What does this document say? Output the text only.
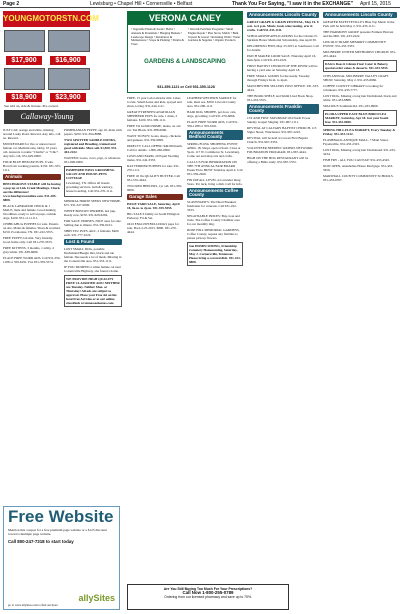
Page 2	Lewisburg • Chapel Hill • Cornersville • Belfast	Thank You For Saying, "I saw it in the EXCHANGE" April 15, 2015
YOUNGMOTORSTN.COM
$17,900	$16,900
$18,900	$23,900
See add on, ride & license. Pre-owned.
Callaway-Young
VERONA CANEY
• Vegetable Plants & Seeds • Herbs • Annuals & Perennials • Hanging Baskets • Landscape Design • Installation & Maintenance • Scape & Planting • Shrubs & Trees
• Weed & Fertilizer Programs • Small Engine Repair • Pine Straw, Mulch • Bulk Topsoil & Gravel • Retaining Walls • Water Gardens & Supplies • Organic Products
GARDENS & LANDSCAPING
931-359-1121 or Cell 931-359-1128

JUST CAT, orange and white, missing around Lasky Road. Reward. Any info, call us. Reward.

$300 REWARD for live or unrecovered female cat. Medium size, tabby, 10 years old. Answers to name "Charlie" or "Chic". Any info call, 931-629-0000.

FOUR BLUE HEELER PUPS. 6 wks. Born from working parents. $150. 931-355-1111.

Animals

BEECHGROVE STABLE will be having a pop up at Lick Creek Meetings. Check out the difference! www.beechgrovestables.com. 931-285-8888.

BLACK LABRADOR CHICK & 1 MALE, male and female. Good hunting bloodlines, ready to sell at pups, outside dogs, $100. 931-111-1111.

CHIHUAHUA PUPPIES for sale. Parents on site. Males & females. Shots & wormed. $150. Pocahontas, TN. 931-222-5555.

FREE PUPPY, lab mix. Very friendly. Good home only. Call 931-270-3333.

FREE KITTENS, 3 months, 1 tabby, 2 grey/white. 931-638-6666.

PLACE FREE WORD ADS, Call 931-359-1188 or 359-6191. Fax 931-359-5574.

POMERANIAN PUPPY, age 10, male with papers. $250. 931-394-8888.

TWO SPOTTED SADDLE DONKS, registered and Breeding, trained and good with kids. Must sell. $1,500. 931-444-2222.

WANTED: Goats, cows, pigs, or whatever. 931-999-0000.

PAMPERED PAWS GROOMING SALON AND HOUSE-PETS COTTAGE

Lewisburg, TN. Offers all breeds grooming services, bath & sanitary, house boarding. Call 931-270-1111.

MINIMAL HORSE SEEKS NEW HOME. $75. 931-527-0000.

WHITE BOSTON TERRIER, last pup, Ready now, $150. 931-629-6262.

FOR SALE: HORSES, NICE ones for sale. Selling due to illness. 931-359-0101.

SHIH TZU PUPS, AKC, 2 females, $400 each. 931-777-2222.

Lost & Found

LOST SMALL DOG, possible Dachshund/Beagle mix, black and tan female. She needs a lot of meds. Missing in the Cornersville area. 931-333-1111.

IF YOU DUMPED a white female cat near Cornersville Highway, she found a home.

WE PROVIDE HIGH QUALITY FREE CLASSIFIED ADS! NEITHER are Tuesday. Neither Mon. or Thursday! All ads are subject to approval. Place your Free Ad on the local Free Ad Line or at our online classifieds at tennesseehomes.com.

FREE, 15 year Lab-Labrador mix. Likes to ride. Small house and kids, spayed and shots, loving. 931-244-1111.

GREAT PYRENEES/ANATOLIAN SHEPHERD PUPS for sale, 1 male, 2 females. $100. 931-309-1111.

FREE TO GOOD HOME, males, on old cat. Tan Black. 931-388-0000.

WANT TO BUY: Goats, sheep, chickens and guineas. 931-359-9999.

DIRECTV CALL OFFER: $49.99/month. Call for details. 1-800-266-0000.

LOWLAND FARM, 20 Equal Yearling males. 931-242-3333.

RAT TERRIER PUPPIES for sale. 931-270-1111.

FREE 45 lbs QUALITY BUTTER. Call 931-555-4444.

TWO RED HEELERS, 1yr old, 931-359-0000.

Garage Sales

HUGE YARD SALE, Saturday, April 18, 8a.m. to 2p.m. 931-359-5555.

BIG SALE 6 family on South Ellington Parkway. Fri & Sat.

OLD ENGLISH BULLDOGS pups for sale. Born 2-25-2015. $800. 931-270-4444.

LEATHER WESTERN SADDLE for sale, must see. $300. Lincoln County area. 931-290-1111.

HAIR DOG SHOPPE, pet door, cats, dogs, grooming. Call 931-270-6666.

PLACE FREE WORD ADS, Call 931-359-1188 or 359-6191.

Announcements Bedford County

SPRING FLING SHOPPING EVENT APRIL 18. Shops open at 9a.m. Close at 5p.m. 117 W. Commerce St. Lewisburg. Come out and shop arts and crafts.

CALL US FOR INFORMATION ON THE 7TH ANNUAL FAIR BOARD Easter EGG HUNT Saturday April 4. Call 931-359-2929.

FIN DIP ALL LEVEL at Lavender Drug Store. Pot luck, bring a dish. Call for info.

Announcements Coffee County

SCAVENGER'S: The Heart Breakers fundraiser for veterans. Call 931-222-3333.

NEGOTIABLE PRICES: Buy, loan and trade. The Coffee County Chamber area for our monthly mtg.

ROSE HILL MEMORIAL GARDENS, Coffee County, request any families to please pick up flowers.

Sue HOMECOMING, Friendship Cemetery Homecoming, Saturday, May 2. Cornersville, Tennessee. Please bring a covered dish. 931-222-8888.
Announcements Lincoln County

GREAT GRAPE & GRAIN FESTIVAL, May 16. 8 a.m. to 6 p.m. Music, food, wine tasting, arts & crafts. Call 931-433-1111.

SCHOLARSHIP APPLICATIONS for the Charles N. Sprinkle Honor Memorial Scholarship, due April 30.

DELORENZO FISH, May 23 2015 at Southwest. Call for details.

PATCH MAKER LOOM SALE, Thursday April 16, 9am-5pm. Call 931-433-2222.

FIRST BAPTIST CHURCH OF THE RIVER will be having a yard sale on Saturday April 18.

FREE SMALL GOODS for the needy. Tuesday through Fridays 9a.m. to 4p.m.

MANCHESTER SELLERS POST OFFICE. 931-333-4444.

THE BOOK SHELF, and Smith Used Book Shop. 931-433-5555.

Announcements Franklin County

1ST AND FRST SATURDAY Old North Power Sunday Gospel Singing. 931-967-1111.

REVIVAL AT CALVARY BAPTIST CHURCH, 113 Sigler Street, Winchester. 931-967-2222.

REVIVAL will be held at Cowan First Baptist Church. 931-967-3333.

VOLUNTEER NEEDED: WATERS NETWORK FOUNDATION PROGRAM. 931-967-4444.

HIGH ON THE HOG RESTAURANT will be offering a Bible study. 931-967-5555.

Announcements Lincoln County

GREATER FAYETTEVILLE's Blue Top Music in the Park will be held May 2. 931-433-1111.

THE HARMONY GROUP presents Farmers Harvest and the Mill. 931-433-2222.

LINCOLN TRADE MEMORY COMMUNITY EVENT. 931-433-3333.

MULBERRY UNITED METHODIST CHURCH. 931-433-4444.

DAGG Does it Gluten Free! Cater & Bakery, special order cakes & desserts. 931-433-5555.

10TH ANNUAL MULBERRY VALLEY CRAFT SHOW, Saturday, May 2. 931-433-6666.

COFFEE COUNTY LIBRARY is looking for volunteers. 931-433-7777.

LOST DOG, Missing a long hair Dachshund, black and white. 931-433-8888.

SPACIOUS Southside Rd. 931-433-9999.

ELORA UPPER EAST BLUE BIRD FLEA MARKET, Saturday, Apr 18. Get your booth free. 931-433-0000.

SPRING HILL FLEA MARKET, Every Tuesday & Friday. 931-433-1212.

FLASHBACK ANTIQUE MALL, 7 Main Street, Fayetteville. 931-433-2323.

LOST DOG, Missing a long hair Dachshund. 931-433-3434.

FISH FRY - ALL YOU CAN EAT! 931-433-4545.

NOW OPEN, Annabelles House Mortgage. 931-433-5656.

MARSHALL COUNTY COMMUNITY SCHOOLS. 931-433-6767.

Free Website
Mention this coupon for a free premium page website or a $125 discount toward a multiple page website.
Call 800-247-7318 to start today
allySites
go to www.allysites.com to find out more
Are You Still Buying Too Much For Your Prescriptions?
Call Now 1-800-255-0789
Ordering from our licensed pharmacy and save up to 75%.
